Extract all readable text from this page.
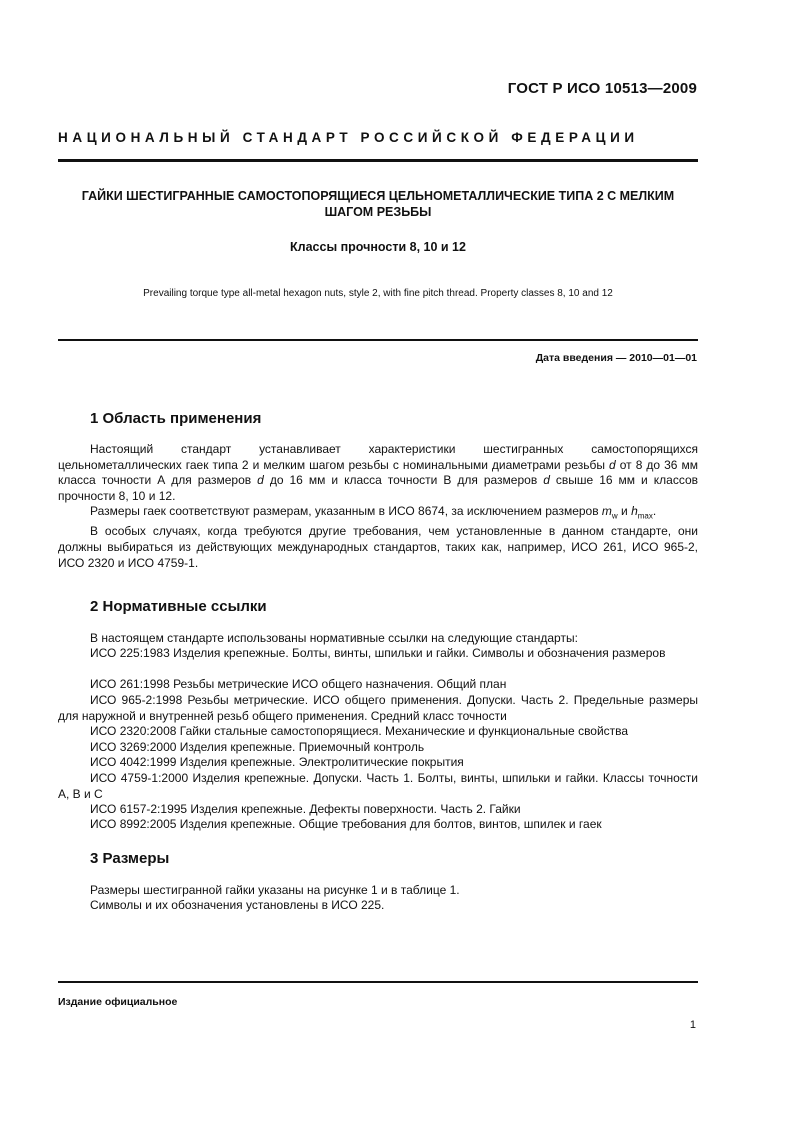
ГОСТ Р ИСО 10513—2009
НАЦИОНАЛЬНЫЙ СТАНДАРТ РОССИЙСКОЙ ФЕДЕРАЦИИ
ГАЙКИ ШЕСТИГРАННЫЕ САМОСТОПОРЯЩИЕСЯ ЦЕЛЬНОМЕТАЛЛИЧЕСКИЕ ТИПА 2 С МЕЛКИМ
ШАГОМ РЕЗЬБЫ
Классы прочности 8, 10 и 12
Prevailing torque type all-metal hexagon nuts, style 2, with fine pitch thread. Property classes 8, 10 and 12
Дата введения — 2010—01—01
1 Область применения

Настоящий стандарт устанавливает характеристики шестигранных самостопорящихся цельнометаллических гаек типа 2 и мелким шагом резьбы с номинальными диаметрами резьбы d от 8 до 36 мм класса точности А для размеров d до 16 мм и класса точности В для размеров d свыше 16 мм и классов прочности 8, 10 и 12.

Размеры гаек соответствуют размерам, указанным в ИСО 8674, за исключением размеров $m_w$ и $h_{max}$.

В особых случаях, когда требуются другие требования, чем установленные в данном стандарте, они должны выбираться из действующих международных стандартов, таких как, например, ИСО 261, ИСО 965-2, ИСО 2320 и ИСО 4759-1.

2 Нормативные ссылки

В настоящем стандарте использованы нормативные ссылки на следующие стандарты:

ИСО 225:1983 Изделия крепежные. Болты, винты, шпильки и гайки. Символы и обозначения размеров

ИСО 261:1998 Резьбы метрические ИСО общего назначения. Общий план

ИСО 965-2:1998 Резьбы метрические. ИСО общего применения. Допуски. Часть 2. Предельные размеры для наружной и внутренней резьб общего применения. Средний класс точности

ИСО 2320:2008 Гайки стальные самостопорящиеся. Механические и функциональные свойства

ИСО 3269:2000 Изделия крепежные. Приемочный контроль

ИСО 4042:1999 Изделия крепежные. Электролитические покрытия

ИСО 4759-1:2000 Изделия крепежные. Допуски. Часть 1. Болты, винты, шпильки и гайки. Классы точности А, В и С

ИСО 6157-2:1995 Изделия крепежные. Дефекты поверхности. Часть 2. Гайки

ИСО 8992:2005 Изделия крепежные. Общие требования для болтов, винтов, шпилек и гаек

3 Размеры

Размеры шестигранной гайки указаны на рисунке 1 и в таблице 1.

Символы и их обозначения установлены в ИСО 225.

Издание официальное
1
